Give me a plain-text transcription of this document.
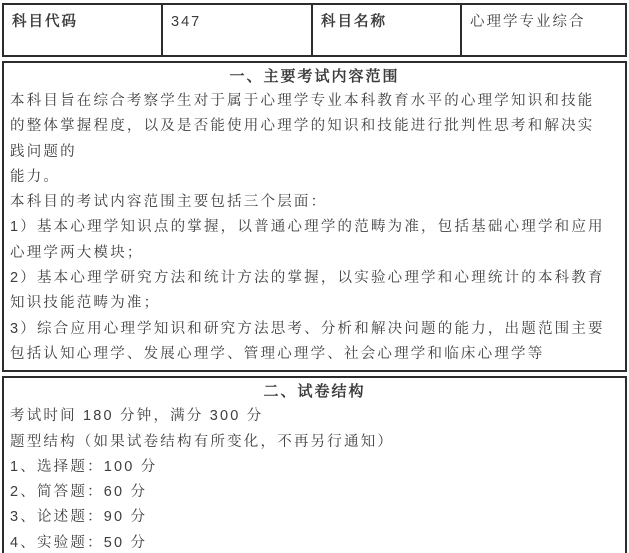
科目代码	347	科目名称	心理学专业综合
一、主要考试内容范围
本科目旨在综合考察学生对于属于心理学专业本科教育水平的心理学知识和技能
的整体掌握程度，以及是否能使用心理学的知识和技能进行批判性思考和解决实
践问题的
能力。
本科目的考试内容范围主要包括三个层面：
1）基本心理学知识点的掌握，以普通心理学的范畴为准，包括基础心理学和应用
心理学两大模块；
2）基本心理学研究方法和统计方法的掌握，以实验心理学和心理统计的本科教育
知识技能范畴为准；
3）综合应用心理学知识和研究方法思考、分析和解决问题的能力，出题范围主要
包括认知心理学、发展心理学、管理心理学、社会心理学和临床心理学等
二、试卷结构
考试时间 180 分钟，满分 300 分
题型结构（如果试卷结构有所变化，不再另行通知）
1、选择题：100 分
2、简答题：60 分
3、论述题：90 分
4、实验题：50 分
